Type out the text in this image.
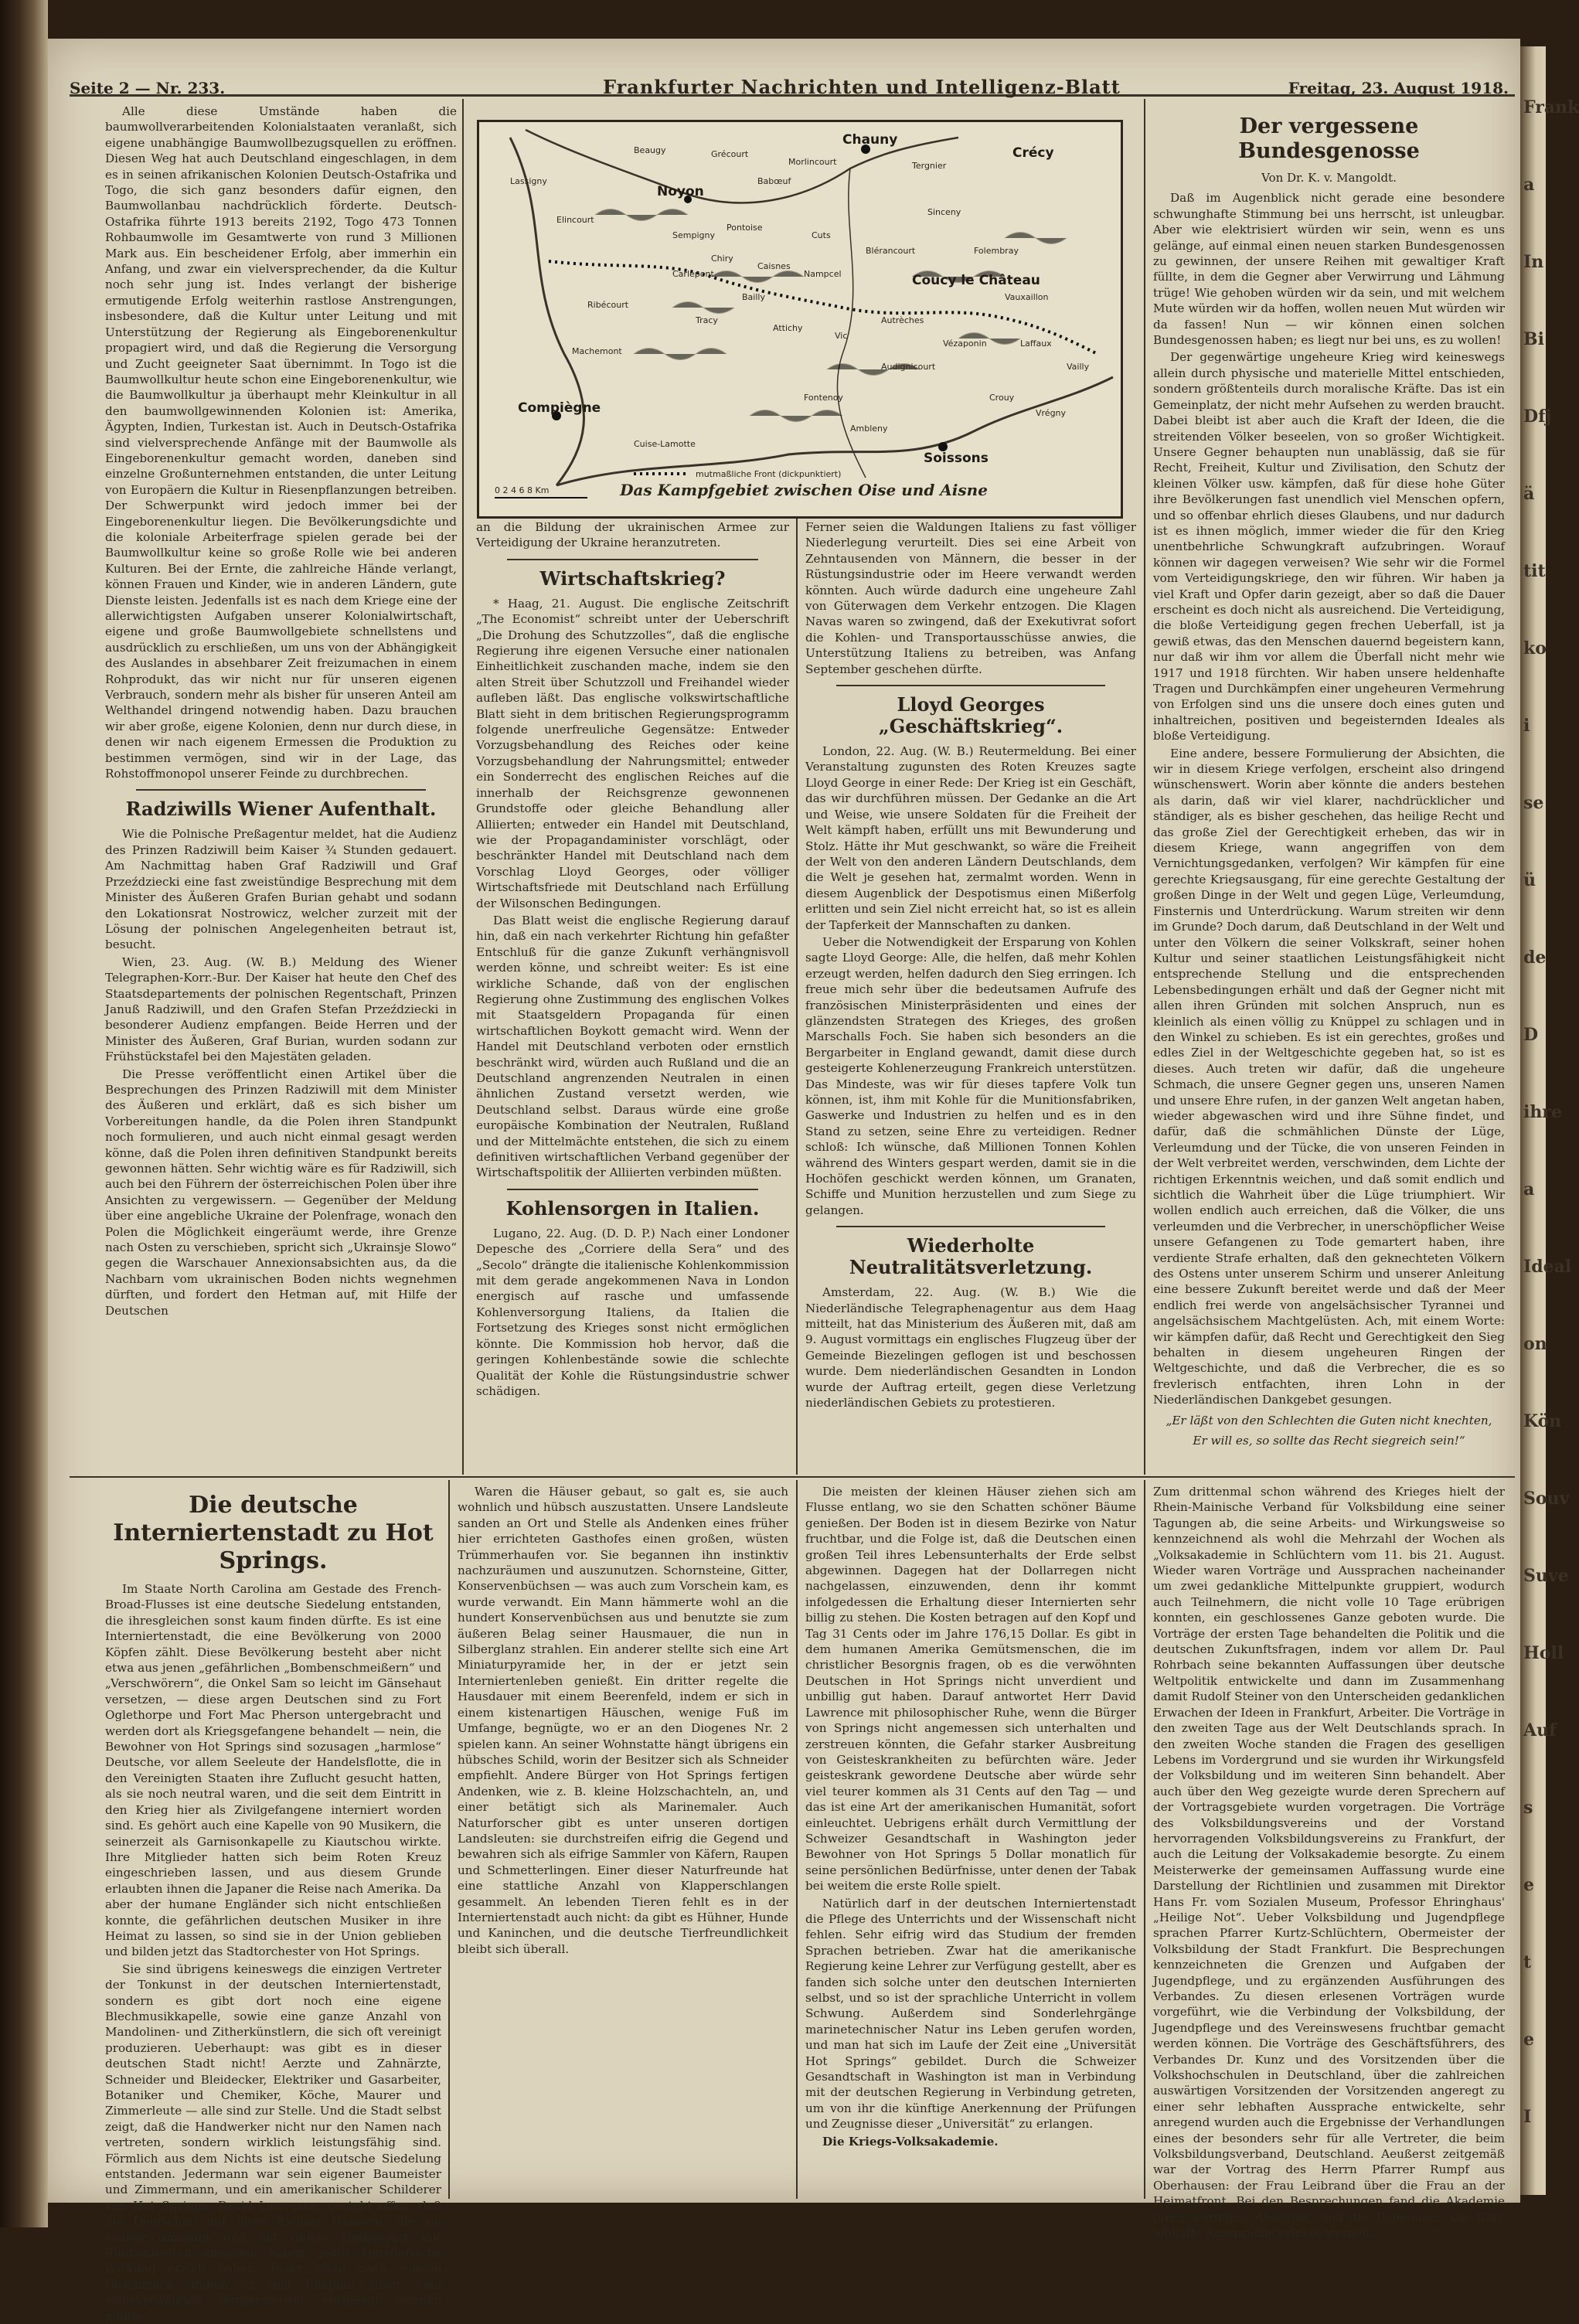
Frank
a
In
Bi
Dfj
ä
tit
ko
i
se
ü
de
D
ihre
a
Ideal
on
Kön
Souv
Suve
Holl
Auf
s
e
t
e
I
Seite 2 — Nr. 233.	Frankfurter Nachrichten und Intelligenz-Blatt	Freitag, 23. August 1918.

Alle diese Umstände haben die baumwollverarbeitenden Kolonialstaaten veranlaßt, sich eigene unabhängige Baumwollbezugsquellen zu eröffnen. Diesen Weg hat auch Deutschland eingeschlagen, in dem es in seinen afrikanischen Kolonien Deutsch-Ostafrika und Togo, die sich ganz besonders dafür eignen, den Baumwollanbau nachdrücklich förderte. Deutsch-Ostafrika führte 1913 bereits 2192, Togo 473 Tonnen Rohbaumwolle im Gesamtwerte von rund 3 Millionen Mark aus. Ein bescheidener Erfolg, aber immerhin ein Anfang, und zwar ein vielversprechender, da die Kultur noch sehr jung ist. Indes verlangt der bisherige ermutigende Erfolg weiterhin rastlose Anstrengungen, insbesondere, daß die Kultur unter Leitung und mit Unterstützung der Regierung als Eingeborenenkultur propagiert wird, und daß die Regierung die Versorgung und Zucht geeigneter Saat übernimmt. In Togo ist die Baumwollkultur heute schon eine Eingeborenenkultur, wie die Baumwollkultur ja überhaupt mehr Kleinkultur in all den baumwollgewinnenden Kolonien ist: Amerika, Ägypten, Indien, Turkestan ist. Auch in Deutsch-Ostafrika sind vielversprechende Anfänge mit der Baumwolle als Eingeborenenkultur gemacht worden, daneben sind einzelne Großunternehmen entstanden, die unter Leitung von Europäern die Kultur in Riesenpflanzungen betreiben. Der Schwerpunkt wird jedoch immer bei der Eingeborenenkultur liegen. Die Bevölkerungsdichte und die koloniale Arbeiterfrage spielen gerade bei der Baumwollkultur keine so große Rolle wie bei anderen Kulturen. Bei der Ernte, die zahlreiche Hände verlangt, können Frauen und Kinder, wie in anderen Ländern, gute Dienste leisten. Jedenfalls ist es nach dem Kriege eine der allerwichtigsten Aufgaben unserer Kolonialwirtschaft, eigene und große Baumwollgebiete schnellstens und ausdrücklich zu erschließen, um uns von der Abhängigkeit des Auslandes in absehbarer Zeit freizumachen in einem Rohprodukt, das wir nicht nur für unseren eigenen Verbrauch, sondern mehr als bisher für unseren Anteil am Welthandel dringend notwendig haben. Dazu brauchen wir aber große, eigene Kolonien, denn nur durch diese, in denen wir nach eigenem Ermessen die Produktion zu bestimmen vermögen, sind wir in der Lage, das Rohstoffmonopol unserer Feinde zu durchbrechen.

Radziwills Wiener Aufenthalt.

Wie die Polnische Preßagentur meldet, hat die Audienz des Prinzen Radziwill beim Kaiser ¾ Stunden gedauert. Am Nachmittag haben Graf Radziwill und Graf Przeździecki eine fast zweistündige Besprechung mit dem Minister des Äußeren Grafen Burian gehabt und sodann den Lokationsrat Nostrowicz, welcher zurzeit mit der Lösung der polnischen Angelegenheiten betraut ist, besucht.

Wien, 23. Aug. (W. B.) Meldung des Wiener Telegraphen-Korr.-Bur. Der Kaiser hat heute den Chef des Staatsdepartements der polnischen Regentschaft, Prinzen Januß Radziwill, und den Grafen Stefan Przeździecki in besonderer Audienz empfangen. Beide Herren und der Minister des Äußeren, Graf Burian, wurden sodann zur Frühstückstafel bei den Majestäten geladen.

Die Presse veröffentlicht einen Artikel über die Besprechungen des Prinzen Radziwill mit dem Minister des Äußeren und erklärt, daß es sich bisher um Vorbereitungen handle, da die Polen ihren Standpunkt noch formulieren, und auch nicht einmal gesagt werden könne, daß die Polen ihren definitiven Standpunkt bereits gewonnen hätten. Sehr wichtig wäre es für Radziwill, sich auch bei den Führern der österreichischen Polen über ihre Ansichten zu vergewissern. — Gegenüber der Meldung über eine angebliche Ukraine der Polenfrage, wonach den Polen die Möglichkeit eingeräumt werde, ihre Grenze nach Osten zu verschieben, spricht sich „Ukrainsje Slowo“ gegen die Warschauer Annexionsabsichten aus, da die Nachbarn vom ukrainischen Boden nichts wegnehmen dürften, und fordert den Hetman auf, mit Hilfe der Deutschen

Chauny
Noyon
Coucy le Château
Compiègne
Soissons
Crécy
Beaugy	Grécourt
Babœuf
Morlincourt
Sempigny
Pontoise
Chiry
Carlepont
Caisnes
Nampcel
Bailly
Tracy
Attichy
Vic
Autrèches
Cuts
Blérancourt
Vézaponin
Audignicourt
Vauxaillon
Crouy
Vailly
Ribécourt
Machemont
Cuise-Lamotte
Ambleny
Fontenoy
Laffaux
Lassigny
Elincourt
Tergnier
Sinceny
Folembray
Vrégny
mutmaßliche Front (dickpunktiert)
0 2 4 6 8 Km	Das Kampfgebiet zwischen Oise und Aisne

an die Bildung der ukrainischen Armee zur Verteidigung der Ukraine heranzutreten.

Wirtschaftskrieg?

* Haag, 21. August. Die englische Zeitschrift „The Economist“ schreibt unter der Ueberschrift „Die Drohung des Schutzzolles“, daß die englische Regierung ihre eigenen Versuche einer nationalen Einheitlichkeit zuschanden mache, indem sie den alten Streit über Schutzzoll und Freihandel wieder aufleben läßt. Das englische volkswirtschaftliche Blatt sieht in dem britischen Regierungsprogramm folgende unerfreuliche Gegensätze: Entweder Vorzugsbehandlung des Reiches oder keine Vorzugsbehandlung der Nahrungsmittel; entweder ein Sonderrecht des englischen Reiches auf die innerhalb der Reichsgrenze gewonnenen Grundstoffe oder gleiche Behandlung aller Alliierten; entweder ein Handel mit Deutschland, wie der Propagandaminister vorschlägt, oder beschränkter Handel mit Deutschland nach dem Vorschlag Lloyd Georges, oder völliger Wirtschaftsfriede mit Deutschland nach Erfüllung der Wilsonschen Bedingungen.

Das Blatt weist die englische Regierung darauf hin, daß ein nach verkehrter Richtung hin gefaßter Entschluß für die ganze Zukunft verhängnisvoll werden könne, und schreibt weiter: Es ist eine wirkliche Schande, daß von der englischen Regierung ohne Zustimmung des englischen Volkes mit Staatsgeldern Propaganda für einen wirtschaftlichen Boykott gemacht wird. Wenn der Handel mit Deutschland verboten oder ernstlich beschränkt wird, würden auch Rußland und die an Deutschland angrenzenden Neutralen in einen ähnlichen Zustand versetzt werden, wie Deutschland selbst. Daraus würde eine große europäische Kombination der Neutralen, Rußland und der Mittelmächte entstehen, die sich zu einem definitiven wirtschaftlichen Verband gegenüber der Wirtschaftspolitik der Alliierten verbinden müßten.

Kohlensorgen in Italien.

Lugano, 22. Aug. (D. D. P.) Nach einer Londoner Depesche des „Corriere della Sera“ und des „Secolo“ drängte die italienische Kohlenkommission mit dem gerade angekommenen Nava in London energisch auf rasche und umfassende Kohlenversorgung Italiens, da Italien die Fortsetzung des Krieges sonst nicht ermöglichen könnte. Die Kommission hob hervor, daß die geringen Kohlenbestände sowie die schlechte Qualität der Kohle die Rüstungsindustrie schwer schädigen.

Ferner seien die Waldungen Italiens zu fast völliger Niederlegung verurteilt. Dies sei eine Arbeit von Zehntausenden von Männern, die besser in der Rüstungsindustrie oder im Heere verwandt werden könnten. Auch würde dadurch eine ungeheure Zahl von Güterwagen dem Verkehr entzogen. Die Klagen Navas waren so zwingend, daß der Exekutivrat sofort die Kohlen- und Transportausschüsse anwies, die Unterstützung Italiens zu betreiben, was Anfang September geschehen dürfte.

Lloyd Georges „Geschäftskrieg“.

London, 22. Aug. (W. B.) Reutermeldung. Bei einer Veranstaltung zugunsten des Roten Kreuzes sagte Lloyd George in einer Rede: Der Krieg ist ein Geschäft, das wir durchführen müssen. Der Gedanke an die Art und Weise, wie unsere Soldaten für die Freiheit der Welt kämpft haben, erfüllt uns mit Bewunderung und Stolz. Hätte ihr Mut geschwankt, so wäre die Freiheit der Welt von den anderen Ländern Deutschlands, dem die Welt je gesehen hat, zermalmt worden. Wenn in diesem Augenblick der Despotismus einen Mißerfolg erlitten und sein Ziel nicht erreicht hat, so ist es allein der Tapferkeit der Mannschaften zu danken.

Ueber die Notwendigkeit der Ersparung von Kohlen sagte Lloyd George: Alle, die helfen, daß mehr Kohlen erzeugt werden, helfen dadurch den Sieg erringen. Ich freue mich sehr über die bedeutsamen Aufrufe des französischen Ministerpräsidenten und eines der glänzendsten Strategen des Krieges, des großen Marschalls Foch. Sie haben sich besonders an die Bergarbeiter in England gewandt, damit diese durch gesteigerte Kohlenerzeugung Frankreich unterstützen. Das Mindeste, was wir für dieses tapfere Volk tun können, ist, ihm mit Kohle für die Munitionsfabriken, Gaswerke und Industrien zu helfen und es in den Stand zu setzen, seine Ehre zu verteidigen. Redner schloß: Ich wünsche, daß Millionen Tonnen Kohlen während des Winters gespart werden, damit sie in die Hochöfen geschickt werden können, um Granaten, Schiffe und Munition herzustellen und zum Siege zu gelangen.

Wiederholte Neutralitätsverletzung.

Amsterdam, 22. Aug. (W. B.) Wie die Niederländische Telegraphenagentur aus dem Haag mitteilt, hat das Ministerium des Äußeren mit, daß am 9. August vormittags ein englisches Flugzeug über der Gemeinde Biezelingen geflogen ist und beschossen wurde. Dem niederländischen Gesandten in London wurde der Auftrag erteilt, gegen diese Verletzung niederländischen Gebiets zu protestieren.

Der vergessene Bundesgenosse
Von Dr. K. v. Mangoldt.

Daß im Augenblick nicht gerade eine besondere schwunghafte Stimmung bei uns herrscht, ist unleugbar. Aber wie elektrisiert würden wir sein, wenn es uns gelänge, auf einmal einen neuen starken Bundesgenossen zu gewinnen, der unsere Reihen mit gewaltiger Kraft füllte, in dem die Gegner aber Verwirrung und Lähmung trüge! Wie gehoben würden wir da sein, und mit welchem Mute würden wir da hoffen, wollen neuen Mut würden wir da fassen! Nun — wir können einen solchen Bundesgenossen haben; es liegt nur bei uns, es zu wollen!

Der gegenwärtige ungeheure Krieg wird keineswegs allein durch physische und materielle Mittel entschieden, sondern größtenteils durch moralische Kräfte. Das ist ein Gemeinplatz, der nicht mehr Aufsehen zu werden braucht. Dabei bleibt ist aber auch die Kraft der Ideen, die die streitenden Völker beseelen, von so großer Wichtigkeit. Unsere Gegner behaupten nun unablässig, daß sie für Recht, Freiheit, Kultur und Zivilisation, den Schutz der kleinen Völker usw. kämpfen, daß für diese hohe Güter ihre Bevölkerungen fast unendlich viel Menschen opfern, und so offenbar ehrlich dieses Glaubens, und nur dadurch ist es ihnen möglich, immer wieder die für den Krieg unentbehrliche Schwungkraft aufzubringen. Worauf können wir dagegen verweisen? Wie sehr wir die Formel vom Verteidigungskriege, den wir führen. Wir haben ja viel Kraft und Opfer darin gezeigt, aber so daß die Dauer erscheint es doch nicht als ausreichend. Die Verteidigung, die bloße Verteidigung gegen frechen Ueberfall, ist ja gewiß etwas, das den Menschen dauernd begeistern kann, nur daß wir ihm vor allem die Überfall nicht mehr wie 1917 und 1918 fürchten. Wir haben unsere heldenhafte Tragen und Durchkämpfen einer ungeheuren Vermehrung von Erfolgen sind uns die unsere doch eines guten und inhaltreichen, positiven und begeisternden Ideales als bloße Verteidigung.

Eine andere, bessere Formulierung der Absichten, die wir in diesem Kriege verfolgen, erscheint also dringend wünschenswert. Worin aber könnte die anders bestehen als darin, daß wir viel klarer, nachdrücklicher und ständiger, als es bisher geschehen, das heilige Recht und das große Ziel der Gerechtigkeit erheben, das wir in diesem Kriege, wann angegriffen von dem Vernichtungsgedanken, verfolgen? Wir kämpfen für eine gerechte Kriegsausgang, für eine gerechte Gestaltung der großen Dinge in der Welt und gegen Lüge, Verleumdung, Finsternis und Unterdrückung. Warum streiten wir denn im Grunde? Doch darum, daß Deutschland in der Welt und unter den Völkern die seiner Volkskraft, seiner hohen Kultur und seiner staatlichen Leistungsfähigkeit nicht entsprechende Stellung und die entsprechenden Lebensbedingungen erhält und daß der Gegner nicht mit allen ihren Gründen mit solchen Anspruch, nun es kleinlich als einen völlig zu Knüppel zu schlagen und in den Winkel zu schieben. Es ist ein gerechtes, großes und edles Ziel in der Weltgeschichte gegeben hat, so ist es dieses. Auch treten wir dafür, daß die ungeheure Schmach, die unsere Gegner gegen uns, unseren Namen und unsere Ehre rufen, in der ganzen Welt angetan haben, wieder abgewaschen wird und ihre Sühne findet, und dafür, daß die schmählichen Dünste der Lüge, Verleumdung und der Tücke, die von unseren Feinden in der Welt verbreitet werden, verschwinden, dem Lichte der richtigen Erkenntnis weichen, und daß somit endlich und sichtlich die Wahrheit über die Lüge triumphiert. Wir wollen endlich auch erreichen, daß die Völker, die uns verleumden und die Verbrecher, in unerschöpflicher Weise unsere Gefangenen zu Tode gemartert haben, ihre verdiente Strafe erhalten, daß den geknechteten Völkern des Ostens unter unserem Schirm und unserer Anleitung eine bessere Zukunft bereitet werde und daß der Meer endlich frei werde von angelsächsischer Tyrannei und angelsächsischem Machtgelüsten. Ach, mit einem Worte: wir kämpfen dafür, daß Recht und Gerechtigkeit den Sieg behalten in diesem ungeheuren Ringen der Weltgeschichte, und daß die Verbrecher, die es so frevlerisch entfachten, ihren Lohn in der Niederländischen Dankgebet gesungen.

„Er läßt von den Schlechten die Guten nicht knechten,
Er will es, so sollte das Recht siegreich sein!“
Die deutsche Interniertenstadt zu Hot Springs.

Im Staate North Carolina am Gestade des French-Broad-Flusses ist eine deutsche Siedelung entstanden, die ihresgleichen sonst kaum finden dürfte. Es ist eine Interniertenstadt, die eine Bevölkerung von 2000 Köpfen zählt. Diese Bevölkerung besteht aber nicht etwa aus jenen „gefährlichen „Bombenschmeißern“ und „Verschwörern“, die Onkel Sam so leicht im Gänsehaut versetzen, — diese argen Deutschen sind zu Fort Oglethorpe und Fort Mac Pherson untergebracht und werden dort als Kriegsgefangene behandelt — nein, die Bewohner von Hot Springs sind sozusagen „harmlose“ Deutsche, vor allem Seeleute der Handelsflotte, die in den Vereinigten Staaten ihre Zuflucht gesucht hatten, als sie noch neutral waren, und die seit dem Eintritt in den Krieg hier als Zivilgefangene interniert worden sind. Es gehört auch eine Kapelle von 90 Musikern, die seinerzeit als Garnisonkapelle zu Kiautschou wirkte. Ihre Mitglieder hatten sich beim Roten Kreuz eingeschrieben lassen, und aus diesem Grunde erlaubten ihnen die Japaner die Reise nach Amerika. Da aber der humane Engländer sich nicht entschließen konnte, die gefährlichen deutschen Musiker in ihre Heimat zu lassen, so sind sie in der Union geblieben und bilden jetzt das Stadtorchester von Hot Springs.

Sie sind übrigens keineswegs die einzigen Vertreter der Tonkunst in der deutschen Interniertenstadt, sondern es gibt dort noch eine eigene Blechmusikkapelle, sowie eine ganze Anzahl von Mandolinen- und Zitherkünstlern, die sich oft vereinigt produzieren. Ueberhaupt: was gibt es in dieser deutschen Stadt nicht! Aerzte und Zahnärzte, Schneider und Bleidecker, Elektriker und Gasarbeiter, Botaniker und Chemiker, Köche, Maurer und Zimmerleute — alle sind zur Stelle. Und die Stadt selbst zeigt, daß die Handwerker nicht nur den Namen nach vertreten, sondern wirklich leistungsfähig sind. Förmlich aus dem Nichts ist eine deutsche Siedelung entstanden. Jedermann war sein eigener Baumeister und Zimmermann, und ein amerikanischer Schilderer von Hot Springs, David Lawrence, gesteht offen, daß die Deutschen mit ihren kleinen Häusern, die sie sauber umzäunt und mit gutem Heimatsart mit Blumenbeeten umgeben haben, jeder künstlerische Wirkung erzielt haben. Jeder schuf nach seinem Geschmack, indem er den Bauplan zuvor dem selbstgewählten Bürgermeister vorgelegt werden mußte.

Waren die Häuser gebaut, so galt es, sie auch wohnlich und hübsch auszustatten. Unsere Landsleute sanden an Ort und Stelle als Andenken eines früher hier errichteten Gasthofes einen großen, wüsten Trümmerhaufen vor. Sie begannen ihn instinktiv nachzuräumen und auszunutzen. Schornsteine, Gitter, Konservenbüchsen — was auch zum Vorschein kam, es wurde verwandt. Ein Mann hämmerte wohl an die hundert Konservenbüchsen aus und benutzte sie zum äußeren Belag seiner Hausmauer, die nun in Silberglanz strahlen. Ein anderer stellte sich eine Art Miniaturpyramide her, in der er jetzt sein Interniertenleben genießt. Ein dritter regelte die Hausdauer mit einem Beerenfeld, indem er sich in einem kistenartigen Häuschen, wenige Fuß im Umfange, begnügte, wo er an den Diogenes Nr. 2 spielen kann. An seiner Wohnstatte hängt übrigens ein hübsches Schild, worin der Besitzer sich als Schneider empfiehlt. Andere Bürger von Hot Springs fertigen Andenken, wie z. B. kleine Holzschachteln, an, und einer betätigt sich als Marinemaler. Auch Naturforscher gibt es unter unseren dortigen Landsleuten: sie durchstreifen eifrig die Gegend und bewahren sich als eifrige Sammler von Käfern, Raupen und Schmetterlingen. Einer dieser Naturfreunde hat eine stattliche Anzahl von Klapperschlangen gesammelt. An lebenden Tieren fehlt es in der Interniertenstadt auch nicht: da gibt es Hühner, Hunde und Kaninchen, und die deutsche Tierfreundlichkeit bleibt sich überall.

Die meisten der kleinen Häuser ziehen sich am Flusse entlang, wo sie den Schatten schöner Bäume genießen. Der Boden ist in diesem Bezirke von Natur fruchtbar, und die Folge ist, daß die Deutschen einen großen Teil ihres Lebensunterhalts der Erde selbst abgewinnen. Dagegen hat der Dollarregen nicht nachgelassen, einzuwenden, denn ihr kommt infolgedessen die Erhaltung dieser Internierten sehr billig zu stehen. Die Kosten betragen auf den Kopf und Tag 31 Cents oder im Jahre 176,15 Dollar. Es gibt in dem humanen Amerika Gemütsmenschen, die im christlicher Besorgnis fragen, ob es die verwöhnten Deutschen in Hot Springs nicht unverdient und unbillig gut haben. Darauf antwortet Herr David Lawrence mit philosophischer Ruhe, wenn die Bürger von Springs nicht angemessen sich unterhalten und zerstreuen könnten, die Gefahr starker Ausbreitung von Geisteskrankheiten zu befürchten wäre. Jeder geisteskrank gewordene Deutsche aber würde sehr viel teurer kommen als 31 Cents auf den Tag — und das ist eine Art der amerikanischen Humanität, sofort einleuchtet. Uebrigens erhält durch Vermittlung der Schweizer Gesandtschaft in Washington jeder Bewohner von Hot Springs 5 Dollar monatlich für seine persönlichen Bedürfnisse, unter denen der Tabak bei weitem die erste Rolle spielt.

Natürlich darf in der deutschen Interniertenstadt die Pflege des Unterrichts und der Wissenschaft nicht fehlen. Sehr eifrig wird das Studium der fremden Sprachen betrieben. Zwar hat die amerikanische Regierung keine Lehrer zur Verfügung gestellt, aber es fanden sich solche unter den deutschen Internierten selbst, und so ist der sprachliche Unterricht in vollem Schwung. Außerdem sind Sonderlehrgänge marinetechnischer Natur ins Leben gerufen worden, und man hat sich im Laufe der Zeit eine „Universität Hot Springs“ gebildet. Durch die Schweizer Gesandtschaft in Washington ist man in Verbindung mit der deutschen Regierung in Verbindung getreten, um von ihr die künftige Anerkennung der Prüfungen und Zeugnisse dieser „Universität“ zu erlangen.

Die Kriegs-Volksakademie.

Zum drittenmal schon während des Krieges hielt der Rhein-Mainische Verband für Volksbildung eine seiner Tagungen ab, die seine Arbeits- und Wirkungsweise so kennzeichnend als wohl die Mehrzahl der Wochen als „Volksakademie in Schlüchtern vom 11. bis 21. August. Wieder waren Vorträge und Aussprachen nacheinander um zwei gedankliche Mittelpunkte gruppiert, wodurch auch Teilnehmern, die nicht volle 10 Tage erübrigen konnten, ein geschlossenes Ganze geboten wurde. Die Vorträge der ersten Tage behandelten die Politik und die deutschen Zukunftsfragen, indem vor allem Dr. Paul Rohrbach seine bekannten Auffassungen über deutsche Weltpolitik entwickelte und dann im Zusammenhang damit Rudolf Steiner von den Unterscheiden gedanklichen Erwachen der Ideen in Frankfurt, Arbeiter. Die Vorträge in den zweiten Tage aus der Welt Deutschlands sprach. In den zweiten Woche standen die Fragen des geselligen Lebens im Vordergrund und sie wurden ihr Wirkungsfeld der Volksbildung und im weiteren Sinn behandelt. Aber auch über den Weg gezeigte wurde deren Sprechern auf der Vortragsgebiete wurden vorgetragen. Die Vorträge des Volksbildungsvereins und der Vorstand hervorragenden Volksbildungsvereins zu Frankfurt, der auch die Leitung der Volksakademie besorgte. Zu einem Meisterwerke der gemeinsamen Auffassung wurde eine Darstellung der Richtlinien und zusammen mit Direktor Hans Fr. vom Sozialen Museum, Professor Ehringhaus' „Heilige Not“. Ueber Volksbildung und Jugendpflege sprachen Pfarrer Kurtz-Schlüchtern, Obermeister der Volksbildung der Stadt Frankfurt. Die Besprechungen kennzeichneten die Grenzen und Aufgaben der Jugendpflege, und zu ergänzenden Ausführungen des Verbandes. Zu diesen erlesenen Vorträgen wurde vorgeführt, wie die Verbindung der Volksbildung, der Jugendpflege und des Vereinswesens fruchtbar gemacht werden können. Die Vorträge des Geschäftsführers, des Verbandes Dr. Kunz und des Vorsitzenden über die Volkshochschulen in Deutschland, über die zahlreichen auswärtigen Vorsitzenden der Vorsitzenden angeregt zu einer sehr lebhaften Aussprache entwickelte, sehr anregend wurden auch die Ergebnisse der Verhandlungen eines der besonders sehr für alle Vertreter, die beim Volksbildungsverband, Deutschland. Aeußerst zeitgemäß war der Vortrag des Herrn Pfarrer Rumpf aus Oberhausen: der Frau Leibrand über die Frau an der Heimatfront. Bei den Besprechungen fand die Akademie ihren würdigen Abschluß, und die Teilnehmer, die Bitte lebhafte Aussprache erlebte werden.
